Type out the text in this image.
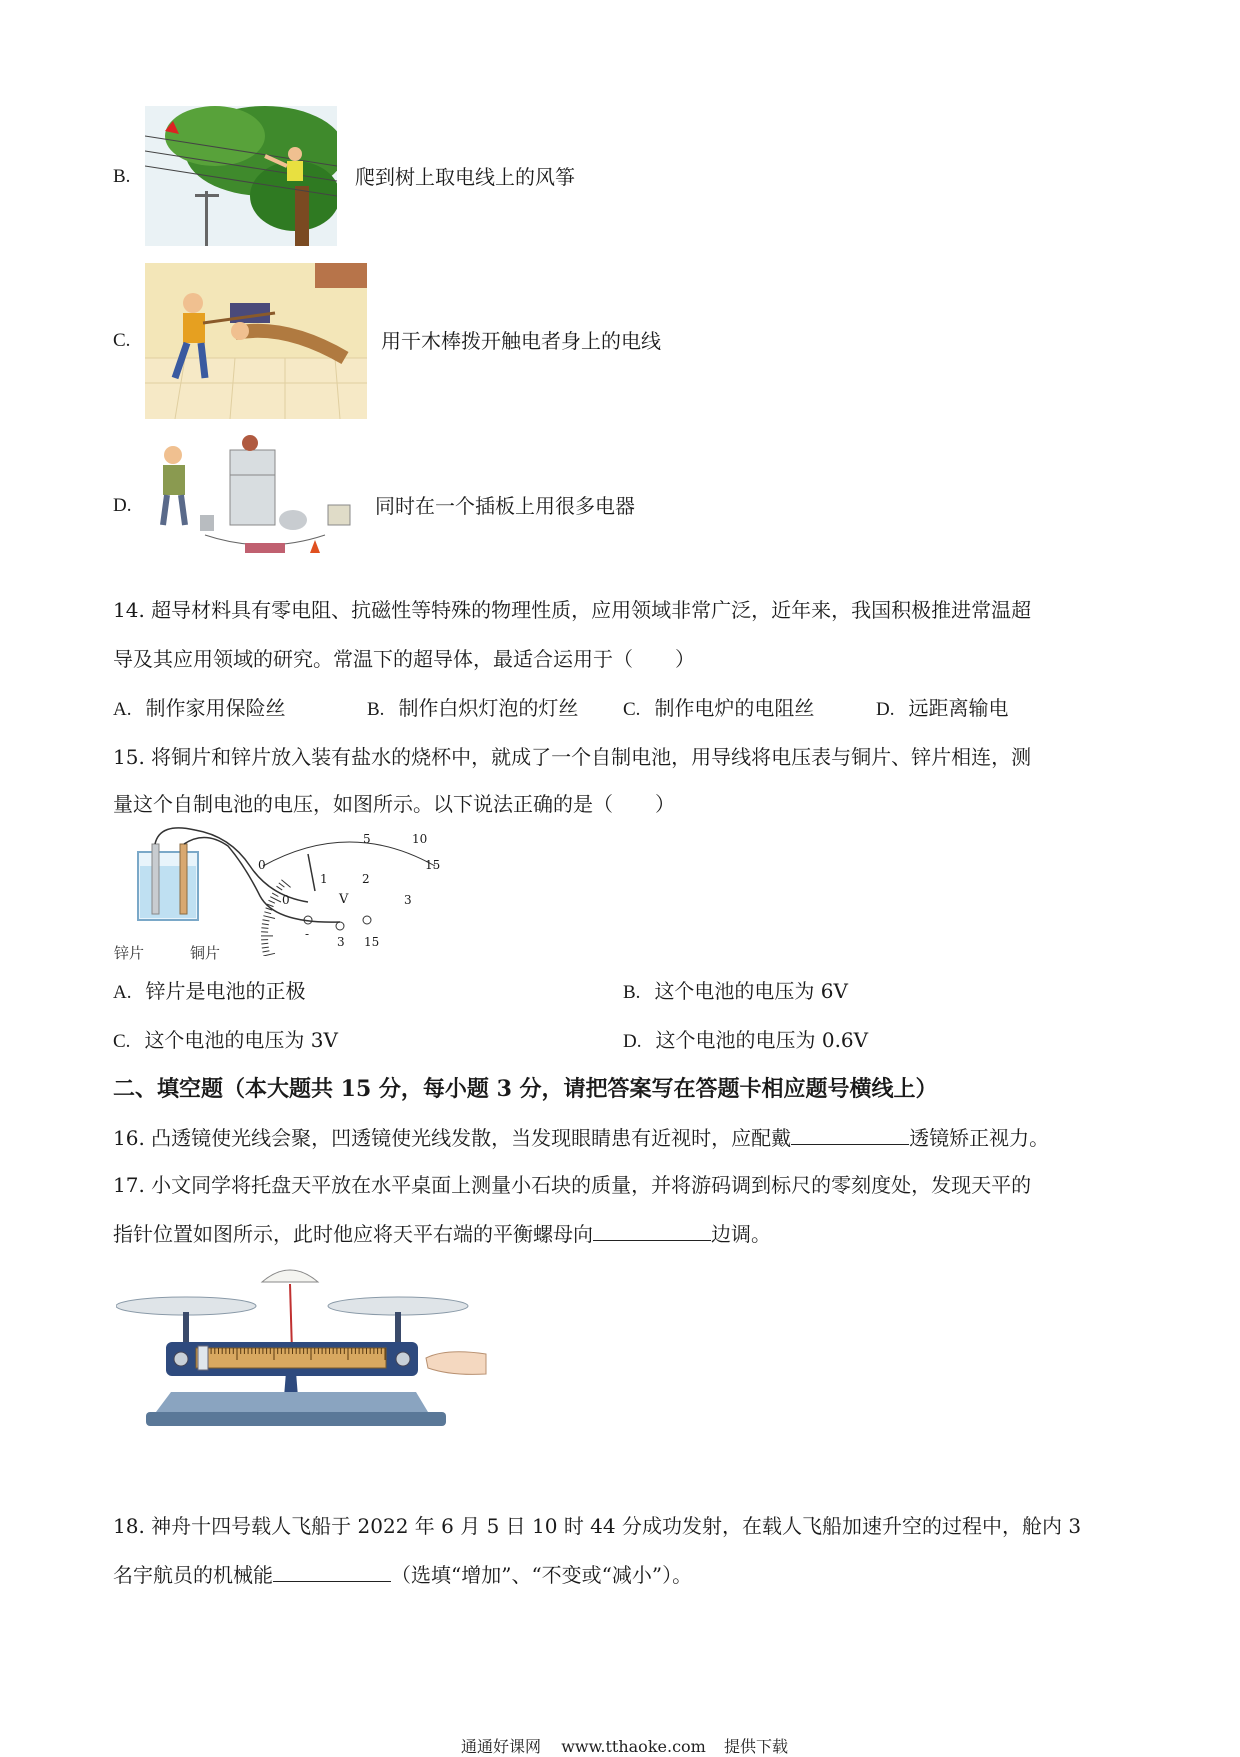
B.	爬到树上取电线上的风筝
C.	用干木棒拨开触电者身上的电线
D.	同时在一个插板上用很多电器
14. 超导材料具有零电阻、抗磁性等特殊的物理性质，应用领域非常广泛，近年来，我国积极推进常温超
导及其应用领域的研究。常温下的超导体，最适合运用于（ ）
A. 制作家用保险丝	B. 制作白炽灯泡的灯丝 C. 制作电炉的电阻丝	D. 远距离输电
15. 将铜片和锌片放入装有盐水的烧杯中，就成了一个自制电池，用导线将电压表与铜片、锌片相连，测
量这个自制电池的电压，如图所示。以下说法正确的是（ ）
5	10
15
0
0
1	2
3
V
-
3 15
锌片	铜片
A. 锌片是电池的正极	B. 这个电池的电压为 6V
C. 这个电池的电压为 3V	D. 这个电池的电压为 0.6V
二、填空题（本大题共 15 分，每小题 3 分，请把答案写在答题卡相应题号横线上）
16. 凸透镜使光线会聚，凹透镜使光线发散，当发现眼睛患有近视时，应配戴	透镜矫正视力。
17. 小文同学将托盘天平放在水平桌面上测量小石块的质量，并将游码调到标尺的零刻度处，发现天平的
指针位置如图所示，此时他应将天平右端的平衡螺母向	边调。
18. 神舟十四号载人飞船于 2022 年 6 月 5 日 10 时 44 分成功发射，在载人飞船加速升空的过程中，舱内 3
名宇航员的机械能	（选填“增加”、“不变或“减小”）。
通通好课网 www.tthaoke.com 提供下载
